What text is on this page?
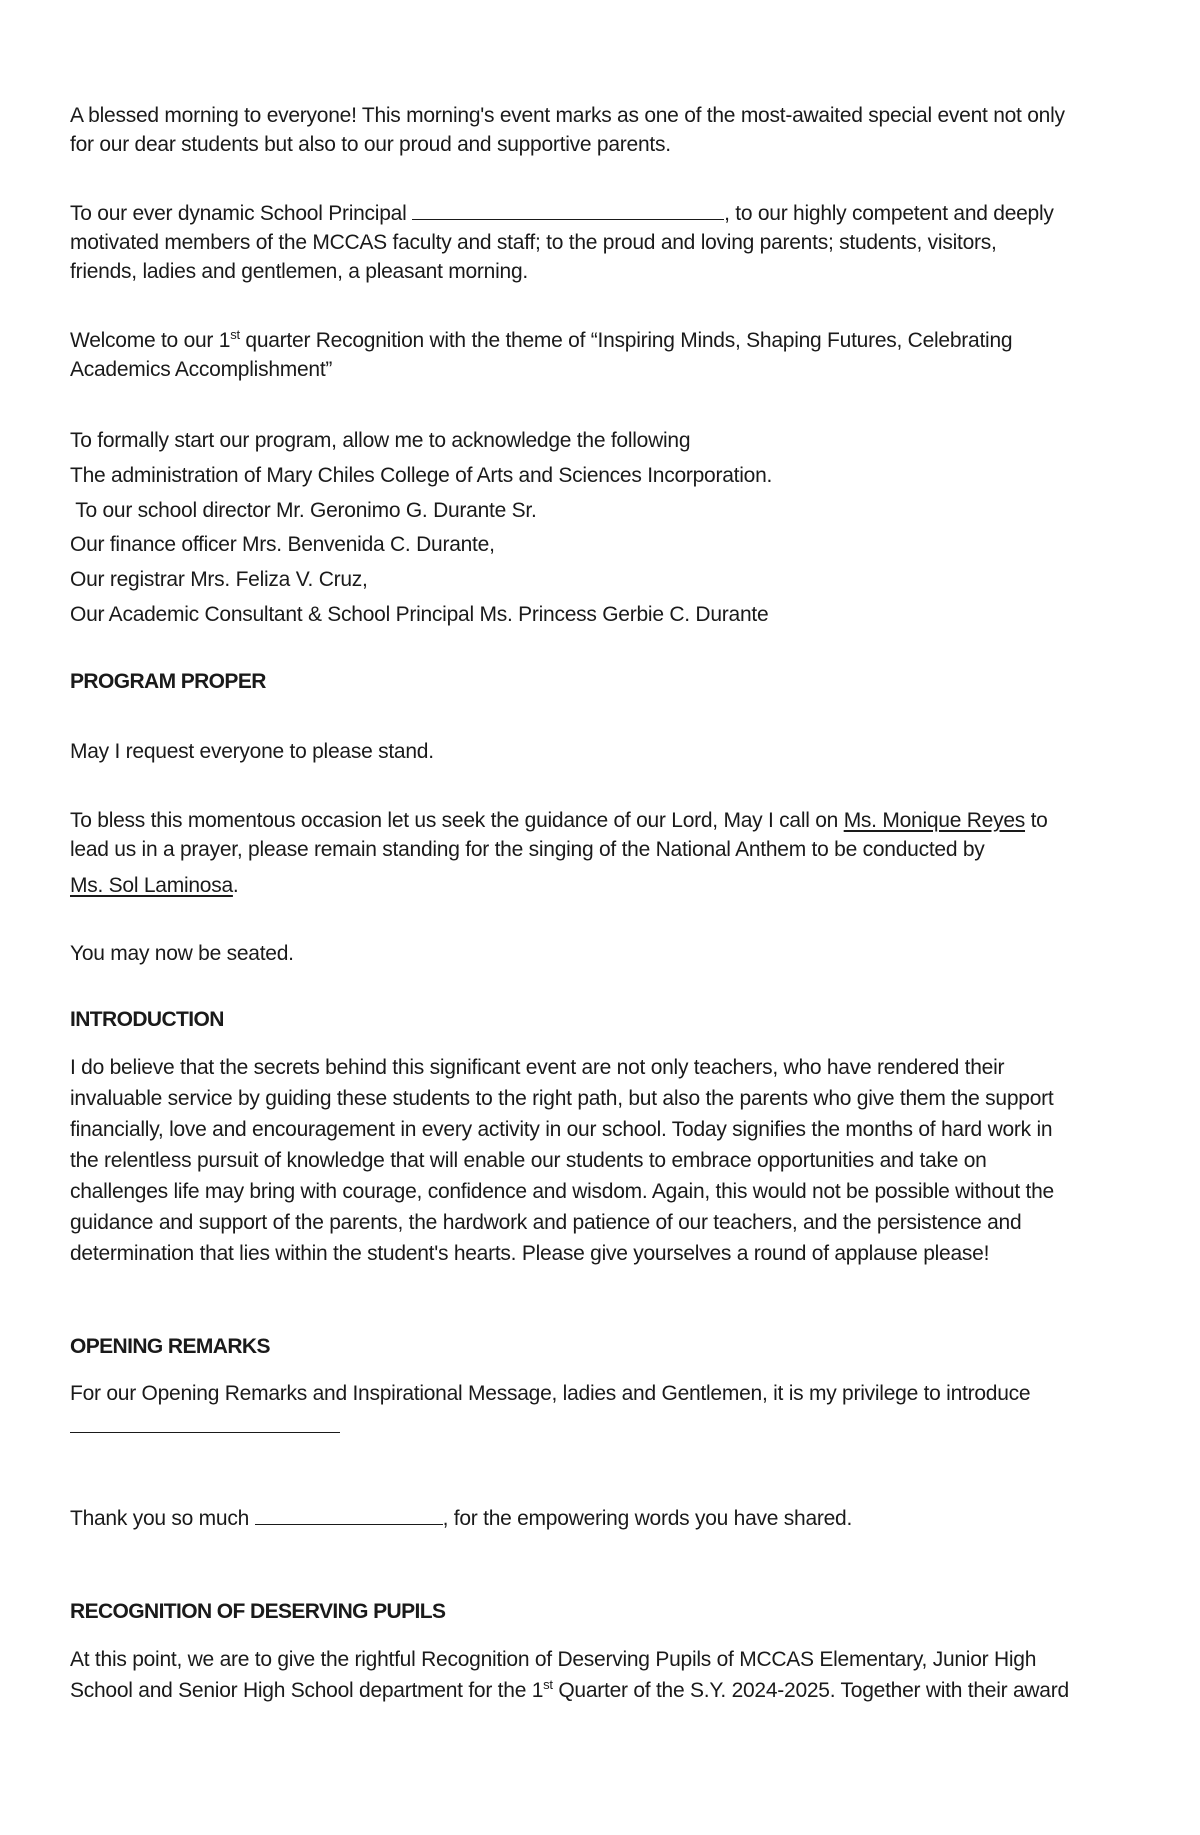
A blessed morning to everyone! This morning's event marks as one of the most-awaited special event not only
for our dear students but also to our proud and supportive parents.
To our ever dynamic School Principal	, to our highly competent and deeply
motivated members of the MCCAS faculty and staff; to the proud and loving parents; students, visitors,
friends, ladies and gentlemen, a pleasant morning.
Welcome to our 1st quarter Recognition with the theme of “Inspiring Minds, Shaping Futures, Celebrating
Academics Accomplishment”
To formally start our program, allow me to acknowledge the following
The administration of Mary Chiles College of Arts and Sciences Incorporation.
To our school director Mr. Geronimo G. Durante Sr.
Our finance officer Mrs. Benvenida C. Durante,
Our registrar Mrs. Feliza V. Cruz,
Our Academic Consultant & School Principal Ms. Princess Gerbie C. Durante
PROGRAM PROPER
May I request everyone to please stand.
To bless this momentous occasion let us seek the guidance of our Lord, May I call on Ms. Monique Reyes to
lead us in a prayer, please remain standing for the singing of the National Anthem to be conducted by
Ms. Sol Laminosa.
You may now be seated.
INTRODUCTION
I do believe that the secrets behind this significant event are not only teachers, who have rendered their
invaluable service by guiding these students to the right path, but also the parents who give them the support
financially, love and encouragement in every activity in our school. Today signifies the months of hard work in
the relentless pursuit of knowledge that will enable our students to embrace opportunities and take on
challenges life may bring with courage, confidence and wisdom. Again, this would not be possible without the
guidance and support of the parents, the hardwork and patience of our teachers, and the persistence and
determination that lies within the student's hearts. Please give yourselves a round of applause please!
OPENING REMARKS
For our Opening Remarks and Inspirational Message, ladies and Gentlemen, it is my privilege to introduce
Thank you so much	, for the empowering words you have shared.
RECOGNITION OF DESERVING PUPILS
At this point, we are to give the rightful Recognition of Deserving Pupils of MCCAS Elementary, Junior High
School and Senior High School department for the 1st Quarter of the S.Y. 2024-2025. Together with their award
